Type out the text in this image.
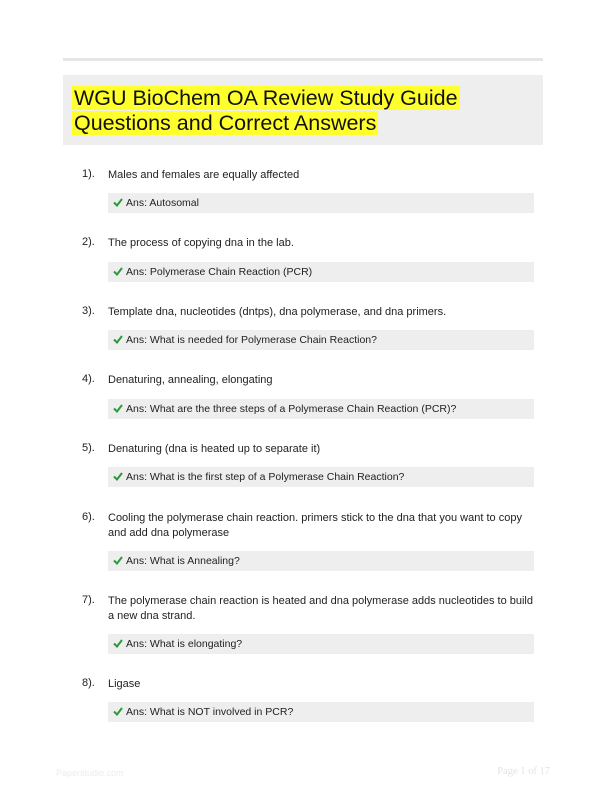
WGU BioChem OA Review Study Guide
Questions and Correct Answers
1). Males and females are equally affected
Ans: Autosomal
2). The process of copying dna in the lab.
Ans: Polymerase Chain Reaction (PCR)
3). Template dna, nucleotides (dntps), dna polymerase, and dna primers.
Ans: What is needed for Polymerase Chain Reaction?
4). Denaturing, annealing, elongating
Ans: What are the three steps of a Polymerase Chain Reaction (PCR)?
5). Denaturing (dna is heated up to separate it)
Ans: What is the first step of a Polymerase Chain Reaction?
6). Cooling the polymerase chain reaction. primers stick to the dna that you want to copy and add dna polymerase
Ans: What is Annealing?
7). The polymerase chain reaction is heated and dna polymerase adds nucleotides to build a new dna strand.
Ans: What is elongating?
8). Ligase
Ans: What is NOT involved in PCR?
Paperstudio.com	Page 1 of 17
